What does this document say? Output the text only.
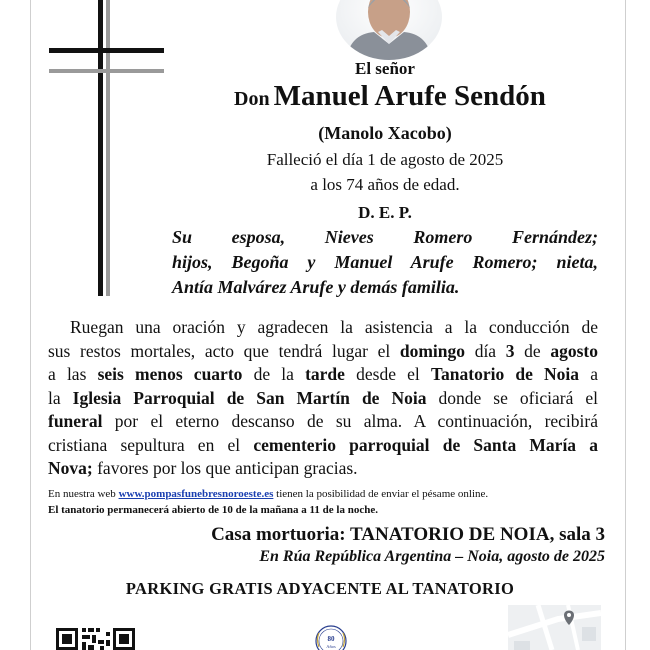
El señor
Don Manuel Arufe Sendón
(Manolo Xacobo)
Falleció el día 1 de agosto de 2025
a los 74 años de edad.
D. E. P.
Su esposa, Nieves Romero Fernández;
hijos, Begoña y Manuel Arufe Romero; nieta,
Antía Malvárez Arufe y demás familia.
Ruegan una oración y agradecen la asistencia a la conducción de
sus restos mortales, acto que tendrá lugar el domingo día 3 de agosto
a las seis menos cuarto de la tarde desde el Tanatorio de Noia a
la Iglesia Parroquial de San Martín de Noia donde se oficiará el
funeral por el eterno descanso de su alma. A continuación, recibirá
cristiana sepultura en el cementerio parroquial de Santa María a
Nova; favores por los que anticipan gracias.
En nuestra web www.pompasfunebresnoroeste.es tienen la posibilidad de enviar el pésame online.
El tanatorio permanecerá abierto de 10 de la mañana a 11 de la noche.
Casa mortuoria: TANATORIO DE NOIA, sala 3
En Rúa República Argentina – Noia, agosto de 2025
PARKING GRATIS ADYACENTE AL TANATORIO
80
Años
